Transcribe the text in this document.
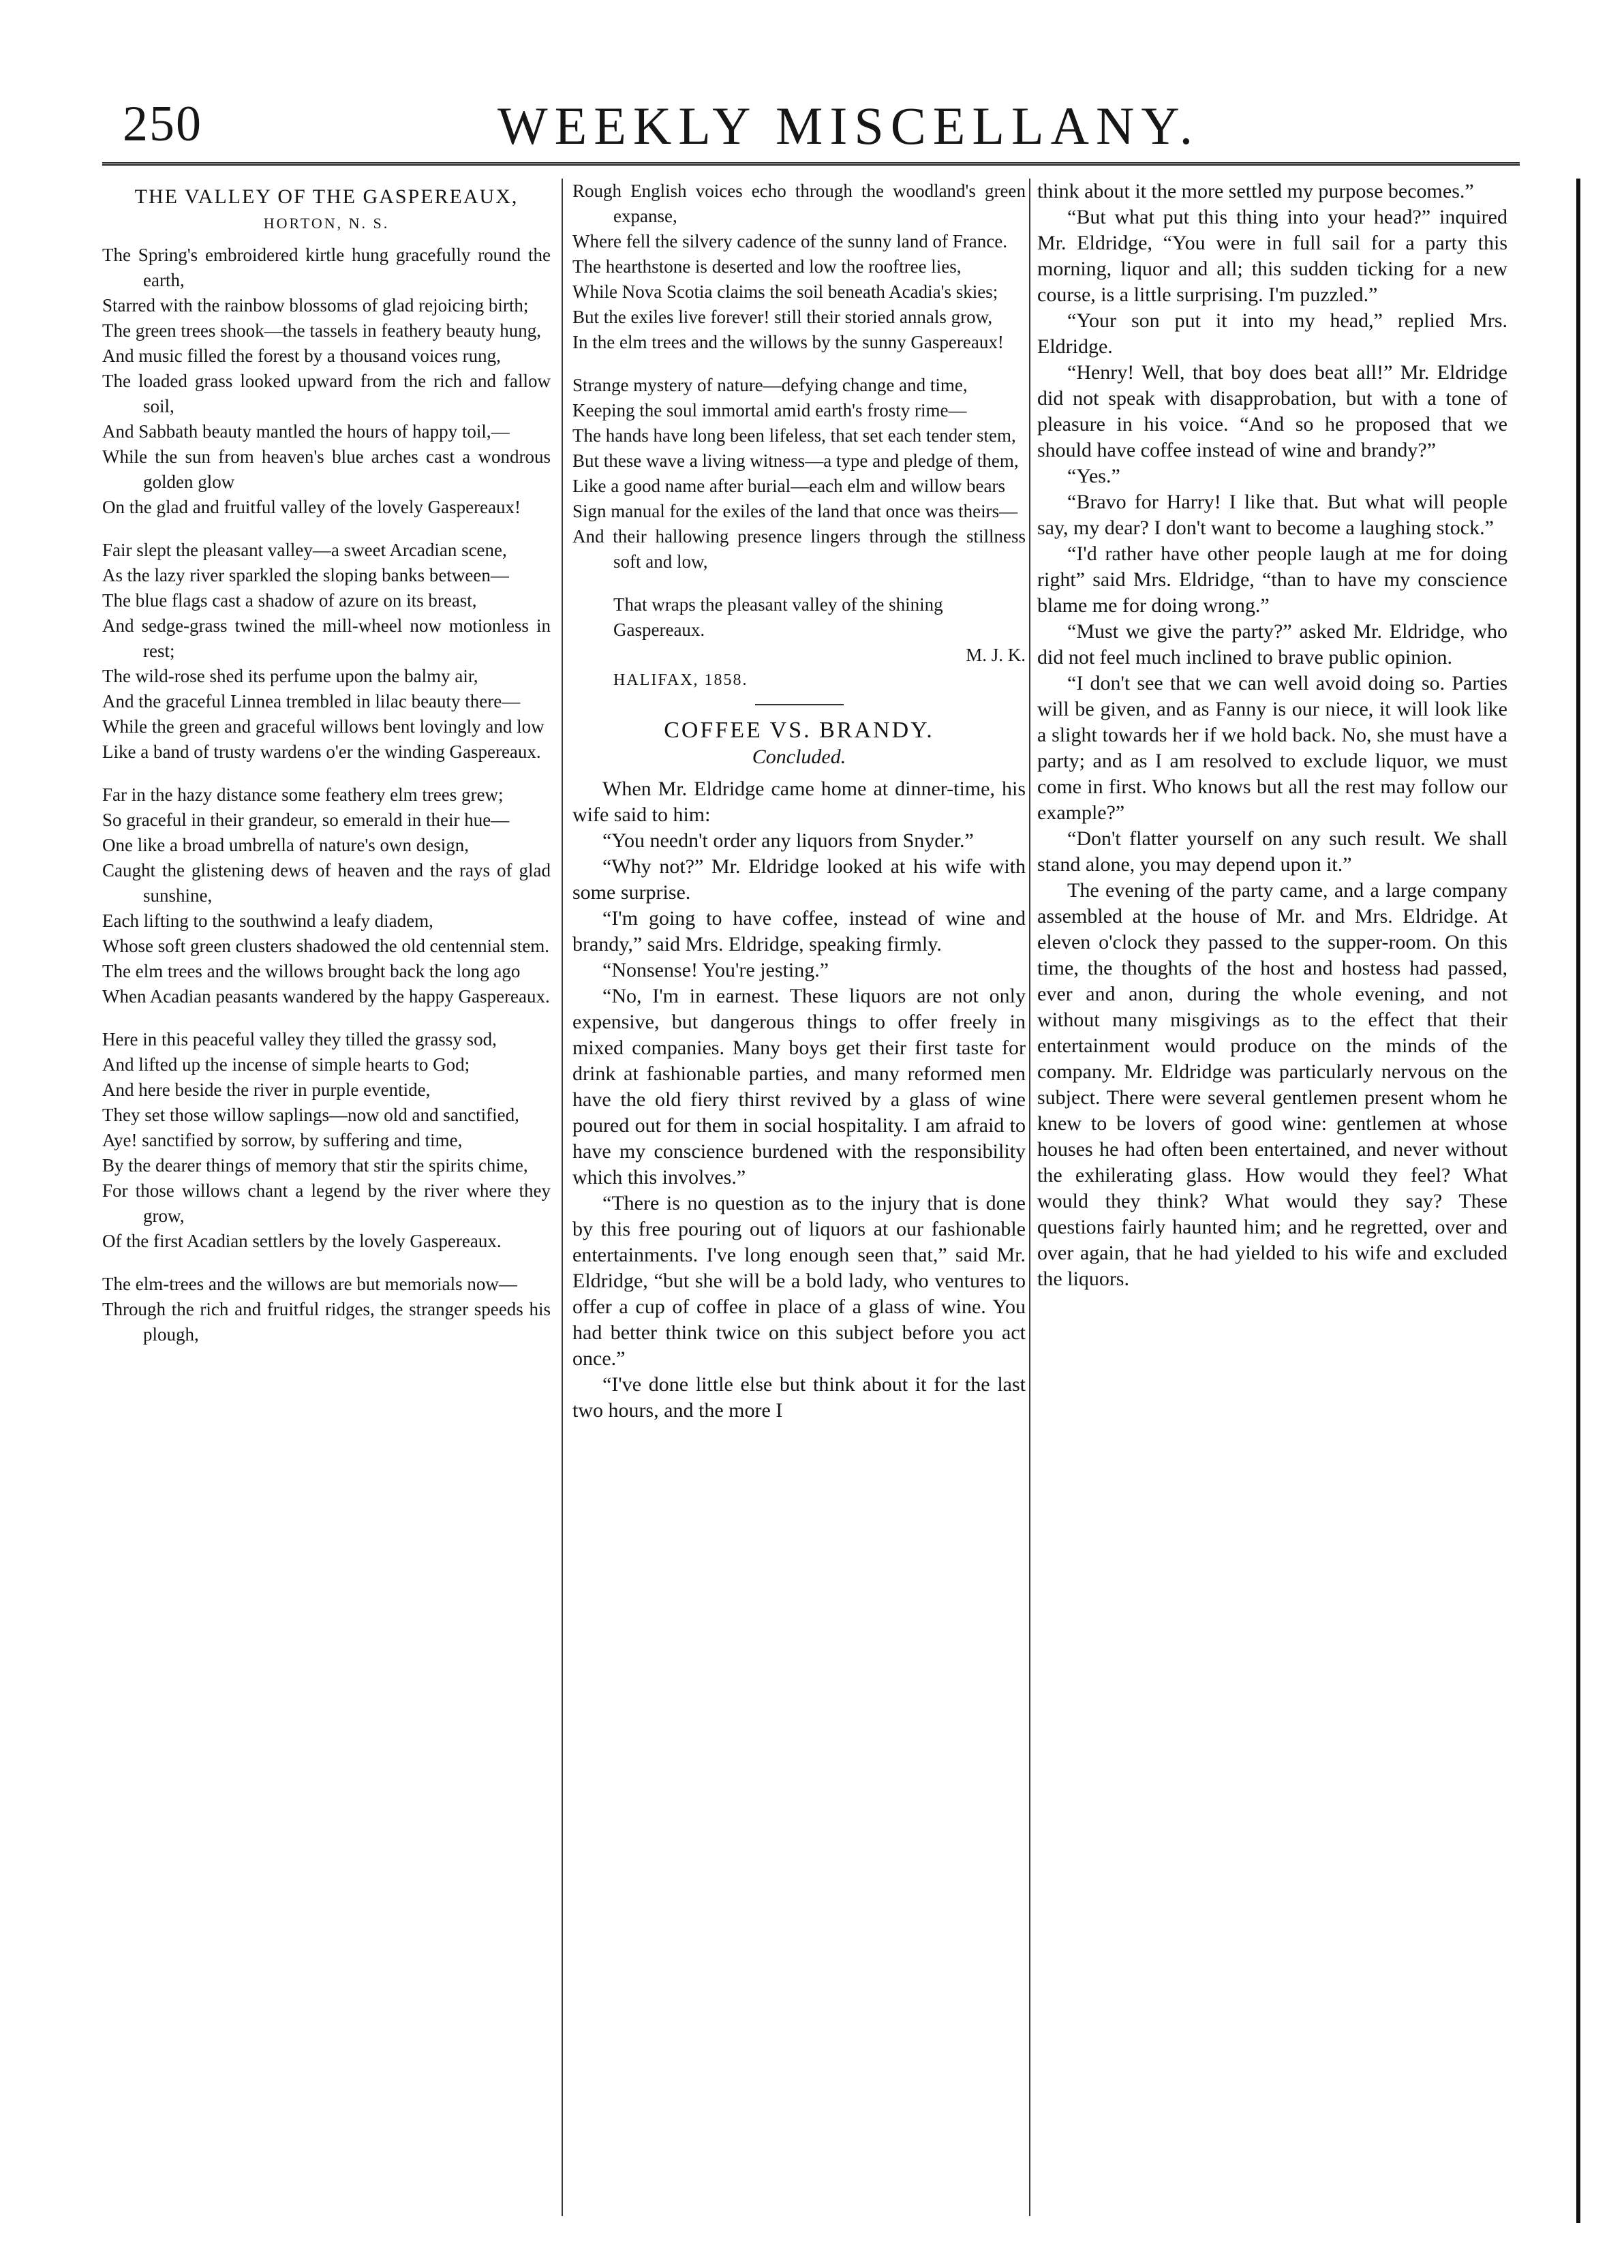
250	WEEKLY MISCELLANY.
THE VALLEY OF THE GASPEREAUX,
HORTON, N. S.

The Spring's embroidered kirtle hung gracefully round the earth,

Starred with the rainbow blossoms of glad rejoicing birth;

The green trees shook—the tassels in feathery beauty hung,

And music filled the forest by a thousand voices rung,

The loaded grass looked upward from the rich and fallow soil,

And Sabbath beauty mantled the hours of happy toil,—

While the sun from heaven's blue arches cast a wondrous golden glow

On the glad and fruitful valley of the lovely Gaspereaux!

Fair slept the pleasant valley—a sweet Arcadian scene,

As the lazy river sparkled the sloping banks between—

The blue flags cast a shadow of azure on its breast,

And sedge-grass twined the mill-wheel now motionless in rest;

The wild-rose shed its perfume upon the balmy air,

And the graceful Linnea trembled in lilac beauty there—

While the green and graceful willows bent lovingly and low

Like a band of trusty wardens o'er the winding Gaspereaux.

Far in the hazy distance some feathery elm trees grew;

So graceful in their grandeur, so emerald in their hue—

One like a broad umbrella of nature's own design,

Caught the glistening dews of heaven and the rays of glad sunshine,

Each lifting to the southwind a leafy diadem,

Whose soft green clusters shadowed the old centennial stem.

The elm trees and the willows brought back the long ago

When Acadian peasants wandered by the happy Gaspereaux.

Here in this peaceful valley they tilled the grassy sod,

And lifted up the incense of simple hearts to God;

And here beside the river in purple eventide,

They set those willow saplings—now old and sanctified,

Aye! sanctified by sorrow, by suffering and time,

By the dearer things of memory that stir the spirits chime,

For those willows chant a legend by the river where they grow,

Of the first Acadian settlers by the lovely Gaspereaux.

The elm-trees and the willows are but memorials now—

Through the rich and fruitful ridges, the stranger speeds his plough,

Rough English voices echo through the woodland's green expanse,

Where fell the silvery cadence of the sunny land of France.

The hearthstone is deserted and low the rooftree lies,

While Nova Scotia claims the soil beneath Acadia's skies;

But the exiles live forever! still their storied annals grow,

In the elm trees and the willows by the sunny Gaspereaux!

Strange mystery of nature—defying change and time,

Keeping the soul immortal amid earth's frosty rime—

The hands have long been lifeless, that set each tender stem,

But these wave a living witness—a type and pledge of them,

Like a good name after burial—each elm and willow bears

Sign manual for the exiles of the land that once was theirs—

And their hallowing presence lingers through the stillness soft and low,

That wraps the pleasant valley of the shining Gaspereaux.
M. J. K.
HALIFAX, 1858.
COFFEE VS. BRANDY.
Concluded.

When Mr. Eldridge came home at dinner-time, his wife said to him:

“You needn't order any liquors from Snyder.”

“Why not?” Mr. Eldridge looked at his wife with some surprise.

“I'm going to have coffee, instead of wine and brandy,” said Mrs. Eldridge, speaking firmly.

“Nonsense! You're jesting.”

“No, I'm in earnest. These liquors are not only expensive, but dangerous things to offer freely in mixed companies. Many boys get their first taste for drink at fashionable parties, and many reformed men have the old fiery thirst revived by a glass of wine poured out for them in social hospitality. I am afraid to have my conscience burdened with the responsibility which this involves.”

“There is no question as to the injury that is done by this free pouring out of liquors at our fashionable entertainments. I've long enough seen that,” said Mr. Eldridge, “but she will be a bold lady, who ventures to offer a cup of coffee in place of a glass of wine. You had better think twice on this subject before you act once.”

“I've done little else but think about it for the last two hours, and the more I

think about it the more settled my purpose becomes.”

“But what put this thing into your head?” inquired Mr. Eldridge, “You were in full sail for a party this morning, liquor and all; this sudden ticking for a new course, is a little surprising. I'm puzzled.”

“Your son put it into my head,” replied Mrs. Eldridge.

“Henry! Well, that boy does beat all!” Mr. Eldridge did not speak with disapprobation, but with a tone of pleasure in his voice. “And so he proposed that we should have coffee instead of wine and brandy?”

“Yes.”

“Bravo for Harry! I like that. But what will people say, my dear? I don't want to become a laughing stock.”

“I'd rather have other people laugh at me for doing right” said Mrs. Eldridge, “than to have my conscience blame me for doing wrong.”

“Must we give the party?” asked Mr. Eldridge, who did not feel much inclined to brave public opinion.

“I don't see that we can well avoid doing so. Parties will be given, and as Fanny is our niece, it will look like a slight towards her if we hold back. No, she must have a party; and as I am resolved to exclude liquor, we must come in first. Who knows but all the rest may follow our example?”

“Don't flatter yourself on any such result. We shall stand alone, you may depend upon it.”

The evening of the party came, and a large company assembled at the house of Mr. and Mrs. Eldridge. At eleven o'clock they passed to the supper-room. On this time, the thoughts of the host and hostess had passed, ever and anon, during the whole evening, and not without many misgivings as to the effect that their entertainment would produce on the minds of the company. Mr. Eldridge was particularly nervous on the subject. There were several gentlemen present whom he knew to be lovers of good wine: gentlemen at whose houses he had often been entertained, and never without the exhilerating glass. How would they feel? What would they think? What would they say? These questions fairly haunted him; and he regretted, over and over again, that he had yielded to his wife and excluded the liquors.
